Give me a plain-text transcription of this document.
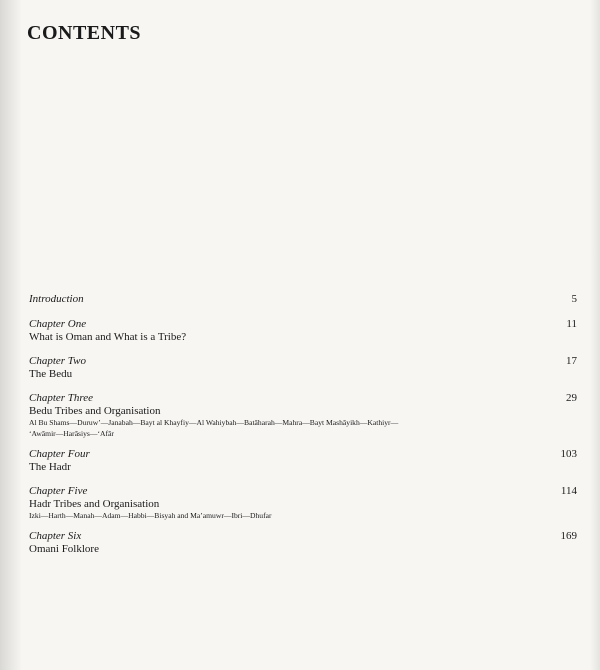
CONTENTS
Introduction	5
Chapter One
What is Oman and What is a Tribe?
11
Chapter Two
The Bedu
17
Chapter Three
Bedu Tribes and Organisation
Al Bu Shams—Duruwʼ—Janabah—Bayt al Khayfiy—Al Wahiybah—Batāharah—Mahra—Bayt Mashāyikh—Kathiyr—
ʻAwāmir—Harāsiys—ʻAfār
29
Chapter Four
The Hadr
103
Chapter Five
Hadr Tribes and Organisation
Izki—Harth—Manah—Adam—Habbi—Bisyah and Maʼamuwr—Ibri—Dhufar
114
Chapter Six
Omani Folklore
169
